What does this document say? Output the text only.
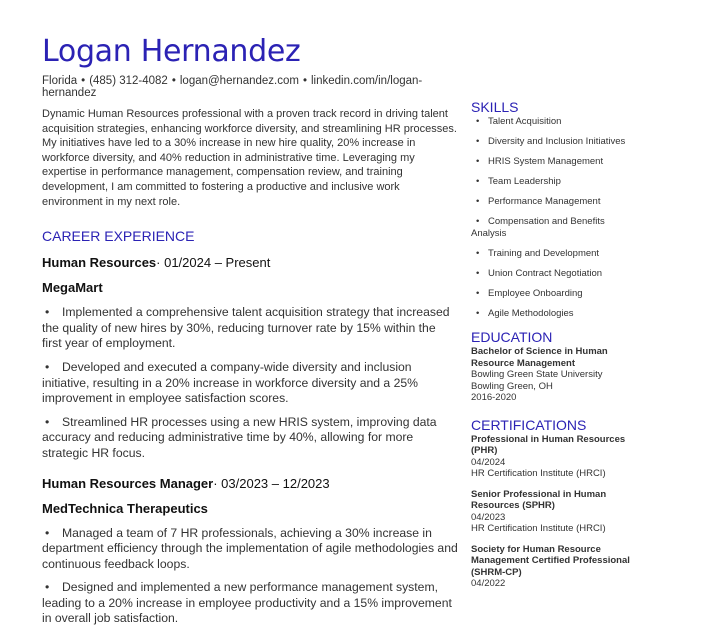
Logan Hernandez
Florida • (485) 312-4082 • logan@hernandez.com • linkedin.com/in/logan-hernandez

Dynamic Human Resources professional with a proven track record in driving talent acquisition strategies, enhancing workforce diversity, and streamlining HR processes. My initiatives have led to a 30% increase in new hire quality, 20% increase in workforce diversity, and 40% reduction in administrative time. Leveraging my expertise in performance management, compensation review, and training development, I am committed to fostering a productive and inclusive work environment in my next role.

CAREER EXPERIENCE
Human Resources· 01/2024 – Present
MegaMart
• Implemented a comprehensive talent acquisition strategy that increased the quality of new hires by 30%, reducing turnover rate by 15% within the first year of employment.
• Developed and executed a company-wide diversity and inclusion initiative, resulting in a 20% increase in workforce diversity and a 25% improvement in employee satisfaction scores.
• Streamlined HR processes using a new HRIS system, improving data accuracy and reducing administrative time by 40%, allowing for more strategic HR focus.
Human Resources Manager· 03/2023 – 12/2023
MedTechnica Therapeutics
• Managed a team of 7 HR professionals, achieving a 30% increase in department efficiency through the implementation of agile methodologies and continuous feedback loops.
• Designed and implemented a new performance management system, leading to a 20% increase in employee productivity and a 15% improvement in overall job satisfaction.
SKILLS
• Talent Acquisition
• Diversity and Inclusion Initiatives
• HRIS System Management
• Team Leadership
• Performance Management
• Compensation and Benefits Analysis
• Training and Development
• Union Contract Negotiation
• Employee Onboarding
• Agile Methodologies
EDUCATION
Bachelor of Science in Human Resource Management
Bowling Green State University
Bowling Green, OH
2016-2020
CERTIFICATIONS
Professional in Human Resources (PHR)
04/2024
HR Certification Institute (HRCI)
Senior Professional in Human Resources (SPHR)
04/2023
HR Certification Institute (HRCI)
Society for Human Resource Management Certified Professional (SHRM-CP)
04/2022
